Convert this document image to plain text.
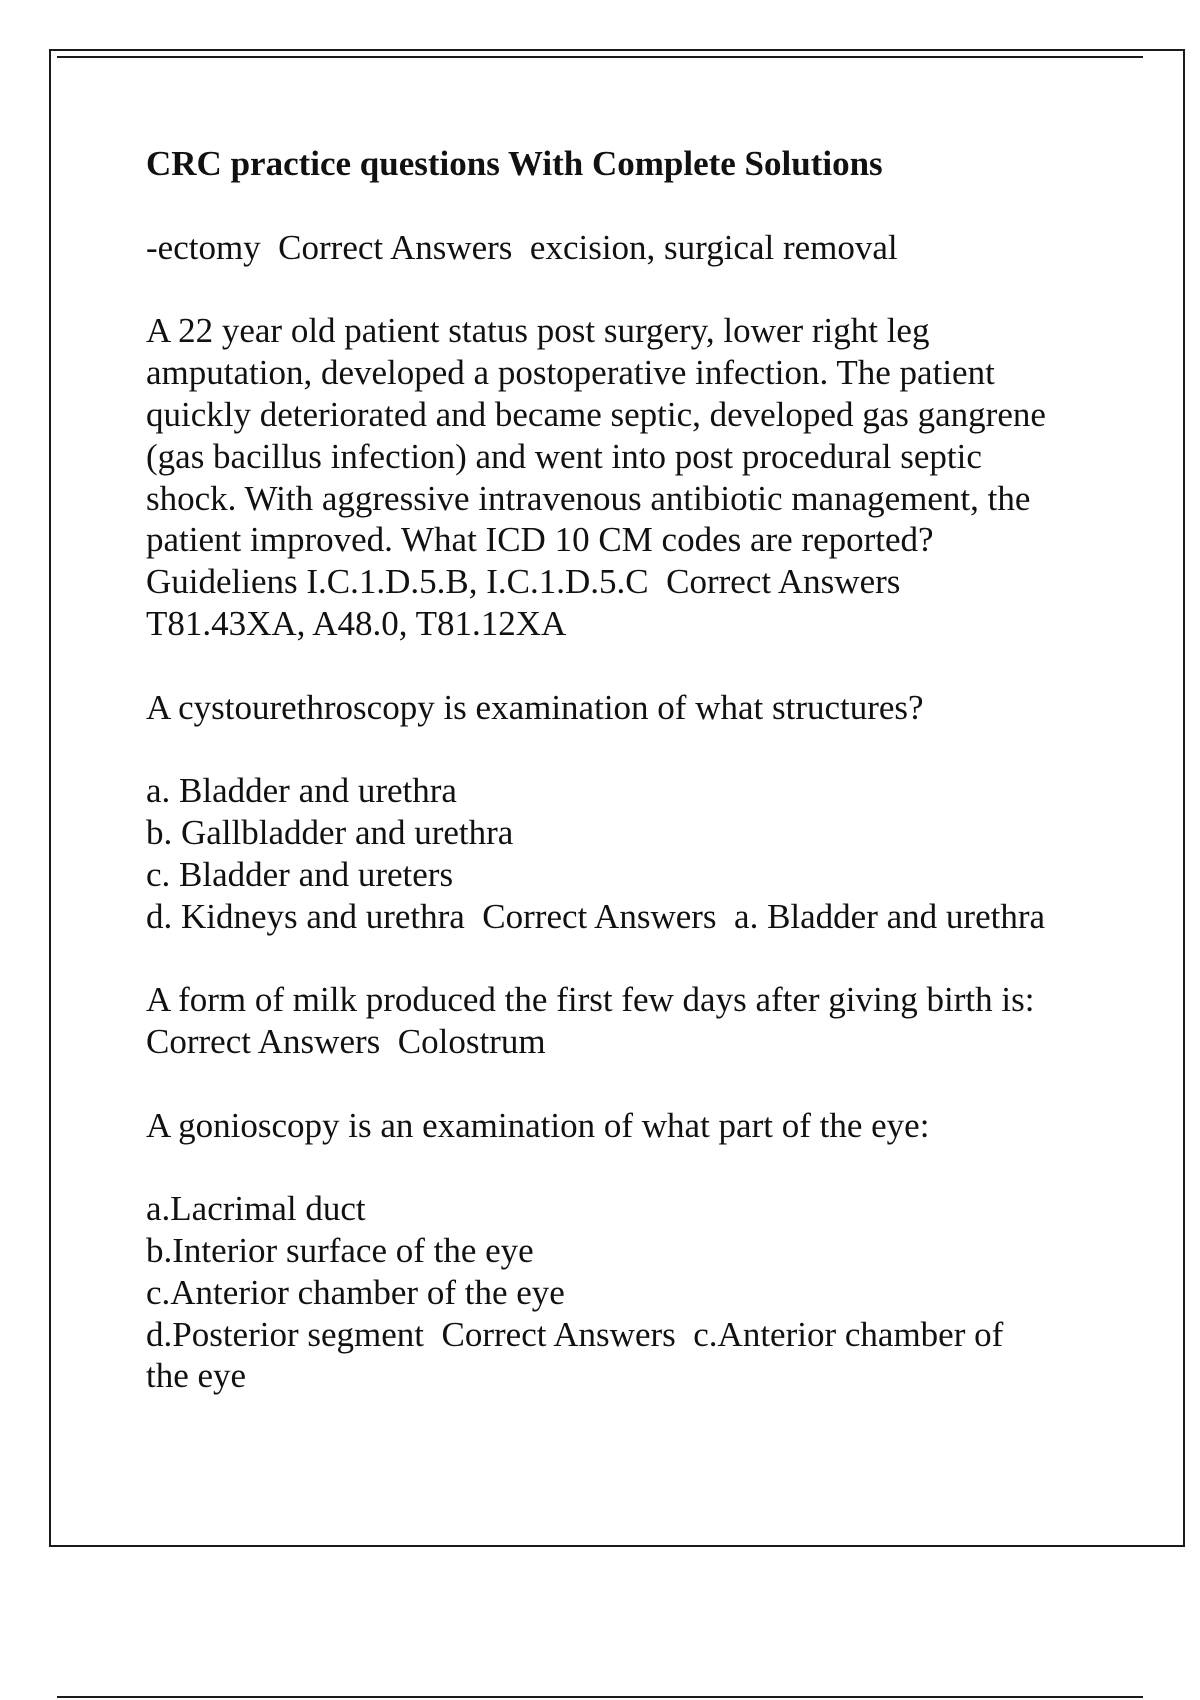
CRC practice questions With Complete Solutions
-ectomy  Correct Answers  excision, surgical removal
A 22 year old patient status post surgery, lower right leg
amputation, developed a postoperative infection. The patient
quickly deteriorated and became septic, developed gas gangrene
(gas bacillus infection) and went into post procedural septic
shock. With aggressive intravenous antibiotic management, the
patient improved. What ICD 10 CM codes are reported?
Guideliens I.C.1.D.5.B, I.C.1.D.5.C  Correct Answers
T81.43XA, A48.0, T81.12XA
A cystourethroscopy is examination of what structures?
a. Bladder and urethra
b. Gallbladder and urethra
c. Bladder and ureters
d. Kidneys and urethra  Correct Answers  a. Bladder and urethra
A form of milk produced the first few days after giving birth is:
Correct Answers  Colostrum
A gonioscopy is an examination of what part of the eye:
a.Lacrimal duct
b.Interior surface of the eye
c.Anterior chamber of the eye
d.Posterior segment  Correct Answers  c.Anterior chamber of
the eye
